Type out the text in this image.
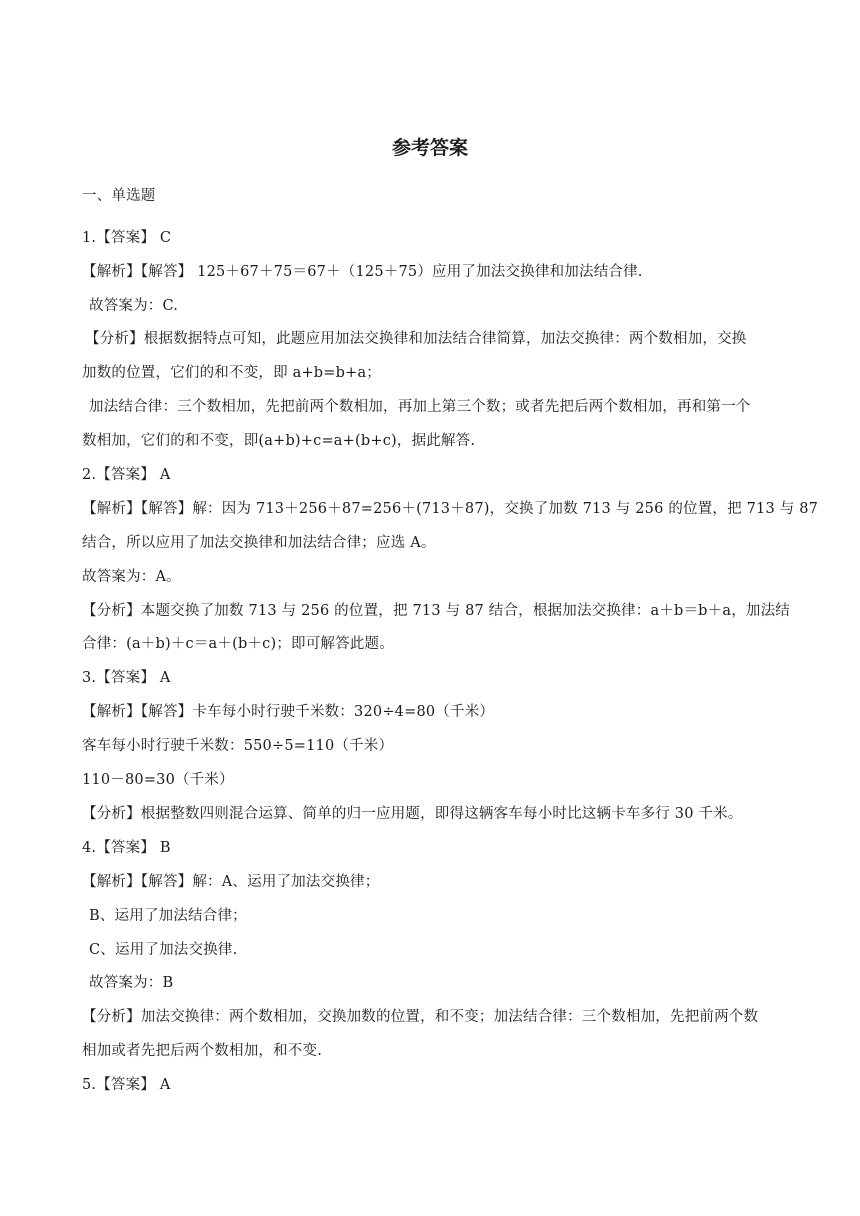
参考答案
一、单选题
1.【答案】 C
【解析】【解答】 125＋67＋75＝67＋（125＋75）应用了加法交换律和加法结合律.
故答案为：C.
【分析】根据数据特点可知，此题应用加法交换律和加法结合律简算，加法交换律：两个数相加，交换
加数的位置，它们的和不变，即 a+b=b+a；
加法结合律：三个数相加，先把前两个数相加，再加上第三个数；或者先把后两个数相加，再和第一个
数相加，它们的和不变，即(a+b)+c=a+(b+c)，据此解答.
2.【答案】 A
【解析】【解答】解：因为 713＋256＋87=256＋(713＋87)，交换了加数 713 与 256 的位置，把 713 与 87
结合，所以应用了加法交换律和加法结合律；应选 A。
故答案为：A。
【分析】本题交换了加数 713 与 256 的位置，把 713 与 87 结合，根据加法交换律：a＋b＝b＋a，加法结
合律：(a＋b)＋c＝a＋(b＋c)；即可解答此题。
3.【答案】 A
【解析】【解答】卡车每小时行驶千米数：320÷4=80（千米）
客车每小时行驶千米数：550÷5=110（千米）
110－80=30（千米）
【分析】根据整数四则混合运算、简单的归一应用题，即得这辆客车每小时比这辆卡车多行 30 千米。
4.【答案】 B
【解析】【解答】解：A、运用了加法交换律；
B、运用了加法结合律；
C、运用了加法交换律.
故答案为：B
【分析】加法交换律：两个数相加，交换加数的位置，和不变；加法结合律：三个数相加，先把前两个数
相加或者先把后两个数相加，和不变.
5.【答案】 A
